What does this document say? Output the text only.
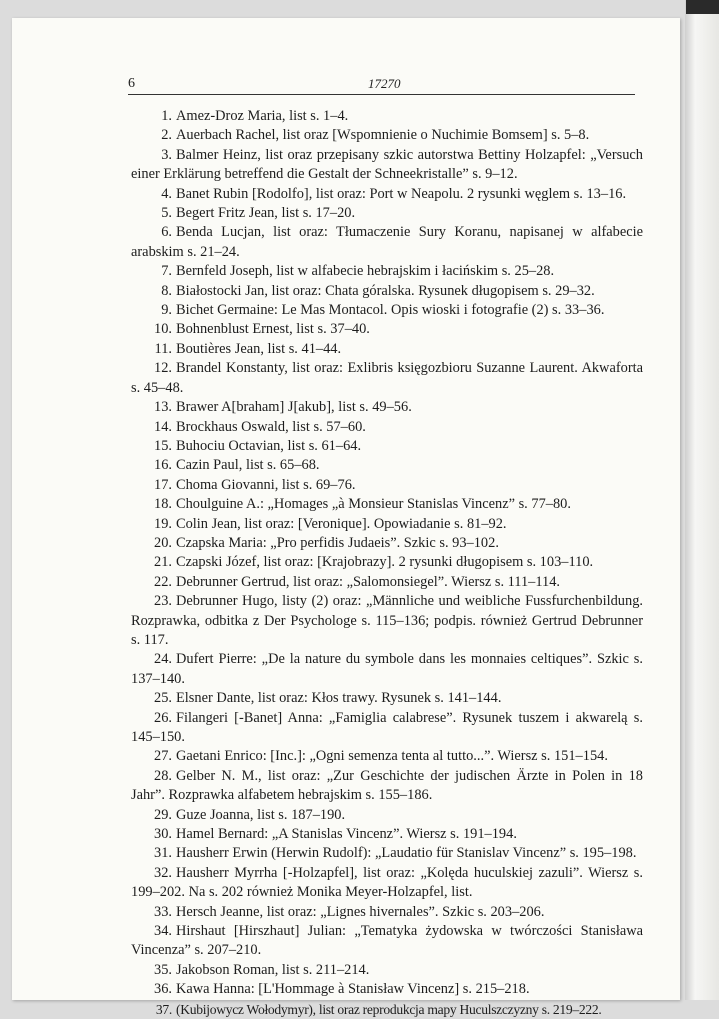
6	17270

1. Amez-Droz Maria, list s. 1–4.

2. Auerbach Rachel, list oraz [Wspomnienie o Nuchimie Bomsem] s. 5–8.

3. Balmer Heinz, list oraz przepisany szkic autorstwa Bettiny Holzapfel: „Versuch einer Erklärung betreffend die Gestalt der Schneekristalle” s. 9–12.

4. Banet Rubin [Rodolfo], list oraz: Port w Neapolu. 2 rysunki węglem s. 13–16.

5. Begert Fritz Jean, list s. 17–20.

6. Benda Lucjan, list oraz: Tłumaczenie Sury Koranu, napisanej w alfabecie arabskim s. 21–24.

7. Bernfeld Joseph, list w alfabecie hebrajskim i łacińskim s. 25–28.

8. Białostocki Jan, list oraz: Chata góralska. Rysunek długopisem s. 29–32.

9. Bichet Germaine: Le Mas Montacol. Opis wioski i fotografie (2) s. 33–36.

10. Bohnenblust Ernest, list s. 37–40.

11. Boutières Jean, list s. 41–44.

12. Brandel Konstanty, list oraz: Exlibris księgozbioru Suzanne Laurent. Akwaforta s. 45–48.

13. Brawer A[braham] J[akub], list s. 49–56.

14. Brockhaus Oswald, list s. 57–60.

15. Buhociu Octavian, list s. 61–64.

16. Cazin Paul, list s. 65–68.

17. Choma Giovanni, list s. 69–76.

18. Choulguine A.: „Homages „à Monsieur Stanislas Vincenz” s. 77–80.

19. Colin Jean, list oraz: [Veronique]. Opowiadanie s. 81–92.

20. Czapska Maria: „Pro perfidis Judaeis”. Szkic s. 93–102.

21. Czapski Józef, list oraz: [Krajobrazy]. 2 rysunki długopisem s. 103–110.

22. Debrunner Gertrud, list oraz: „Salomonsiegel”. Wiersz s. 111–114.

23. Debrunner Hugo, listy (2) oraz: „Männliche und weibliche Fussfurchenbildung. Rozprawka, odbitka z Der Psychologe s. 115–136; podpis. również Gertrud Debrunner s. 117.

24. Dufert Pierre: „De la nature du symbole dans les monnaies celtiques”. Szkic s. 137–140.

25. Elsner Dante, list oraz: Kłos trawy. Rysunek s. 141–144.

26. Filangeri [-Banet] Anna: „Famiglia calabrese”. Rysunek tuszem i akwarelą s. 145–150.

27. Gaetani Enrico: [Inc.]: „Ogni semenza tenta al tutto...”. Wiersz s. 151–154.

28. Gelber N. M., list oraz: „Zur Geschichte der judischen Ärzte in Polen in 18 Jahr”. Rozprawka alfabetem hebrajskim s. 155–186.

29. Guze Joanna, list s. 187–190.

30. Hamel Bernard: „A Stanislas Vincenz”. Wiersz s. 191–194.

31. Hausherr Erwin (Herwin Rudolf): „Laudatio für Stanislav Vincenz” s. 195–198.

32. Hausherr Myrrha [-Holzapfel], list oraz: „Kolęda huculskiej zazuli”. Wiersz s. 199–202. Na s. 202 również Monika Meyer-Holzapfel, list.

33. Hersch Jeanne, list oraz: „Lignes hivernales”. Szkic s. 203–206.

34. Hirshaut [Hirszhaut] Julian: „Tematyka żydowska w twórczości Stanisława Vincenza” s. 207–210.

35. Jakobson Roman, list s. 211–214.

36. Kawa Hanna: [L'Hommage à Stanisław Vincenz] s. 215–218.

37. (Kubijowycz Wołodymyr), list oraz reprodukcja mapy Huculszczyzny s. 219–222.
